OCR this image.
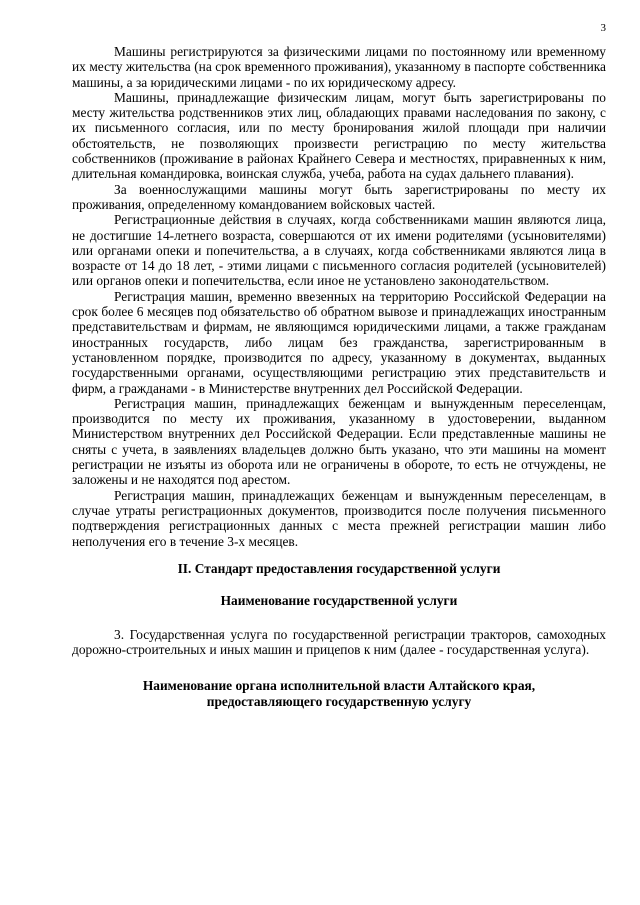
3

Машины регистрируются за физическими лицами по постоянному или временному их месту жительства (на срок временного проживания), указанному в паспорте собственника машины, а за юридическими лицами - по их юридическому адресу.

Машины, принадлежащие физическим лицам, могут быть зарегистрированы по месту жительства родственников этих лиц, обладающих правами наследования по закону, с их письменного согласия, или по месту бронирования жилой площади при наличии обстоятельств, не позволяющих произвести регистрацию по месту жительства собственников (проживание в районах Крайнего Севера и местностях, приравненных к ним, длительная командировка, воинская служба, учеба, работа на судах дальнего плавания).

За военнослужащими машины могут быть зарегистрированы по месту их проживания, определенному командованием войсковых частей.

Регистрационные действия в случаях, когда собственниками машин являются лица, не достигшие 14-летнего возраста, совершаются от их имени родителями (усыновителями) или органами опеки и попечительства, а в случаях, когда собственниками являются лица в возрасте от 14 до 18 лет, - этими лицами с письменного согласия родителей (усыновителей) или органов опеки и попечительства, если иное не установлено законодательством.

Регистрация машин, временно ввезенных на территорию Российской Федерации на срок более 6 месяцев под обязательство об обратном вывозе и принадлежащих иностранным представительствам и фирмам, не являющимся юридическими лицами, а также гражданам иностранных государств, либо лицам без гражданства, зарегистрированным в установленном порядке, производится по адресу, указанному в документах, выданных государственными органами, осуществляющими регистрацию этих представительств и фирм, а гражданами - в Министерстве внутренних дел Российской Федерации.

Регистрация машин, принадлежащих беженцам и вынужденным переселенцам, производится по месту их проживания, указанному в удостоверении, выданном Министерством внутренних дел Российской Федерации. Если представленные машины не сняты с учета, в заявлениях владельцев должно быть указано, что эти машины на момент регистрации не изъяты из оборота или не ограничены в обороте, то есть не отчуждены, не заложены и не находятся под арестом.

Регистрация машин, принадлежащих беженцам и вынужденным переселенцам, в случае утраты регистрационных документов, производится после получения письменного подтверждения регистрационных данных с места прежней регистрации машин либо неполучения его в течение 3-х месяцев.

II. Стандарт предоставления государственной услуги
Наименование государственной услуги

3. Государственная услуга по государственной регистрации тракторов, самоходных дорожно-строительных и иных машин и прицепов к ним (далее - государственная услуга).

Наименование органа исполнительной власти Алтайского края,
предоставляющего государственную услугу
